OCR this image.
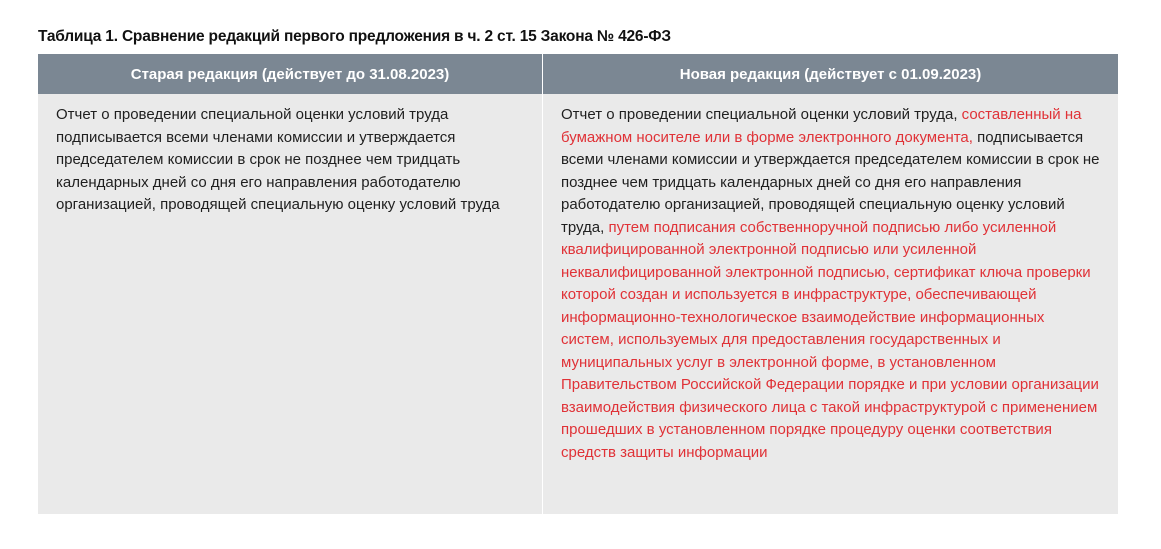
Таблица 1. Сравнение редакций первого предложения в ч. 2 ст. 15 Закона № 426-ФЗ
Старая редакция (действует до 31.08.2023)	Новая редакция (действует с 01.09.2023)
Отчет о проведении специальной оценки условий труда подписывается всеми членами комиссии и утверждается председателем комиссии в срок не позднее чем тридцать календарных дней со дня его направления работодателю организацией, проводящей специальную оценку условий труда
Отчет о проведении специальной оценки условий труда, составленный на бумажном носителе или в форме электронного документа, подписывается всеми членами комиссии и утверждается председателем комиссии в срок не позднее чем тридцать календарных дней со дня его направления работодателю организацией, проводящей специальную оценку условий труда, путем подписания собственноручной подписью либо усиленной квалифицированной электронной подписью или усиленной неквалифицированной электронной подписью, сертификат ключа проверки которой создан и используется в инфраструктуре, обеспечивающей информационно-технологическое взаимодействие информационных систем, используемых для предоставления государственных и муниципальных услуг в электронной форме, в установленном Правительством Российской Федерации порядке и при условии организации взаимодействия физического лица с такой инфраструктурой с применением прошедших в установленном порядке процедуру оценки соответствия средств защиты информации
